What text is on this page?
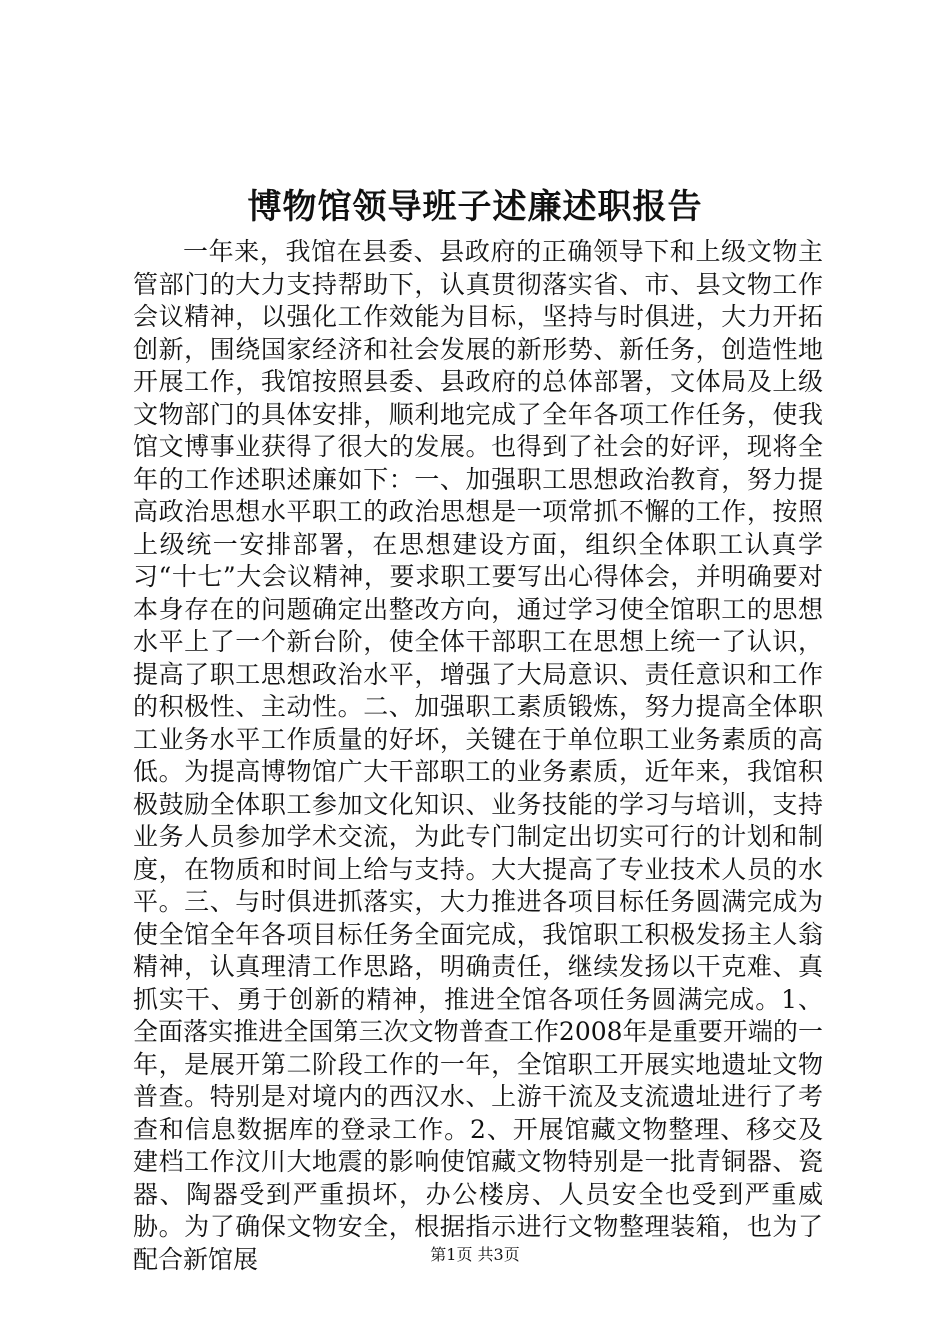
博物馆领导班子述廉述职报告

一年来，我馆在县委、县政府的正确领导下和上级文物主管部门的大力支持帮助下，认真贯彻落实省、市、县文物工作会议精神，以强化工作效能为目标，坚持与时俱进，大力开拓创新，围绕国家经济和社会发展的新形势、新任务，创造性地开展工作，我馆按照县委、县政府的总体部署，文体局及上级文物部门的具体安排，顺利地完成了全年各项工作任务，使我馆文博事业获得了很大的发展。也得到了社会的好评，现将全年的工作述职述廉如下：一、加强职工思想政治教育，努力提高政治思想水平职工的政治思想是一项常抓不懈的工作，按照上级统一安排部署，在思想建设方面，组织全体职工认真学习“十七”大会议精神，要求职工要写出心得体会，并明确要对本身存在的问题确定出整改方向，通过学习使全馆职工的思想水平上了一个新台阶，使全体干部职工在思想上统一了认识，提高了职工思想政治水平，增强了大局意识、责任意识和工作的积极性、主动性。二、加强职工素质锻炼，努力提高全体职工业务水平工作质量的好坏，关键在于单位职工业务素质的高低。为提高博物馆广大干部职工的业务素质，近年来，我馆积极鼓励全体职工参加文化知识、业务技能的学习与培训，支持业务人员参加学术交流，为此专门制定出切实可行的计划和制度，在物质和时间上给与支持。大大提高了专业技术人员的水平。三、与时俱进抓落实，大力推进各项目标任务圆满完成为使全馆全年各项目标任务全面完成，我馆职工积极发扬主人翁精神，认真理清工作思路，明确责任，继续发扬以干克难、真抓实干、勇于创新的精神，推进全馆各项任务圆满完成。1、全面落实推进全国第三次文物普查工作2008年是重要开端的一年，是展开第二阶段工作的一年，全馆职工开展实地遗址文物普查。特别是对境内的西汉水、上游干流及支流遗址进行了考查和信息数据库的登录工作。2、开展馆藏文物整理、移交及建档工作汶川大地震的影响使馆藏文物特别是一批青铜器、瓷器、陶器受到严重损坏，办公楼房、人员安全也受到严重威胁。为了确保文物安全，根据指示进行文物整理装箱，也为了配合新馆展	第1页 共3页
